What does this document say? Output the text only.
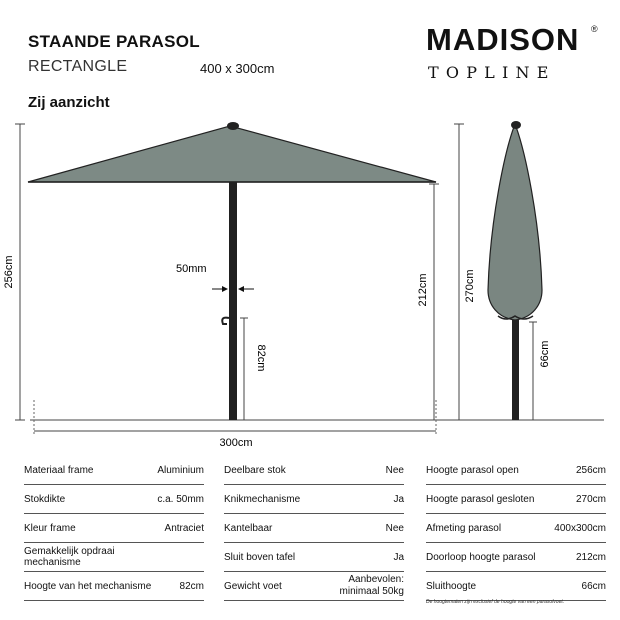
STAANDE PARASOL
RECTANGLE	400 x 300cm
Zij aanzicht
MADISON ®
TOPLINE
50mm
256cm
212cm
82cm
300cm
270cm
66cm
Materiaal frame	Aluminium
Stokdikte	c.a. 50mm
Kleur frame	Antraciet
Gemakkelijk opdraai mechanisme	
Hoogte van het mechanisme	82cm
Deelbare stok	Nee
Knikmechanisme	Ja
Kantelbaar	Nee
Sluit boven tafel	Ja
Gewicht voet	Aanbevolen:
minimaal 50kg
Hoogte parasol open	256cm
Hoogte parasol gesloten	270cm
Afmeting parasol	400x300cm
Doorloop hoogte parasol	212cm
Sluithoogte	66cm
De hoogtematen zijn exclusief de hoogte van een parasolvoet.
